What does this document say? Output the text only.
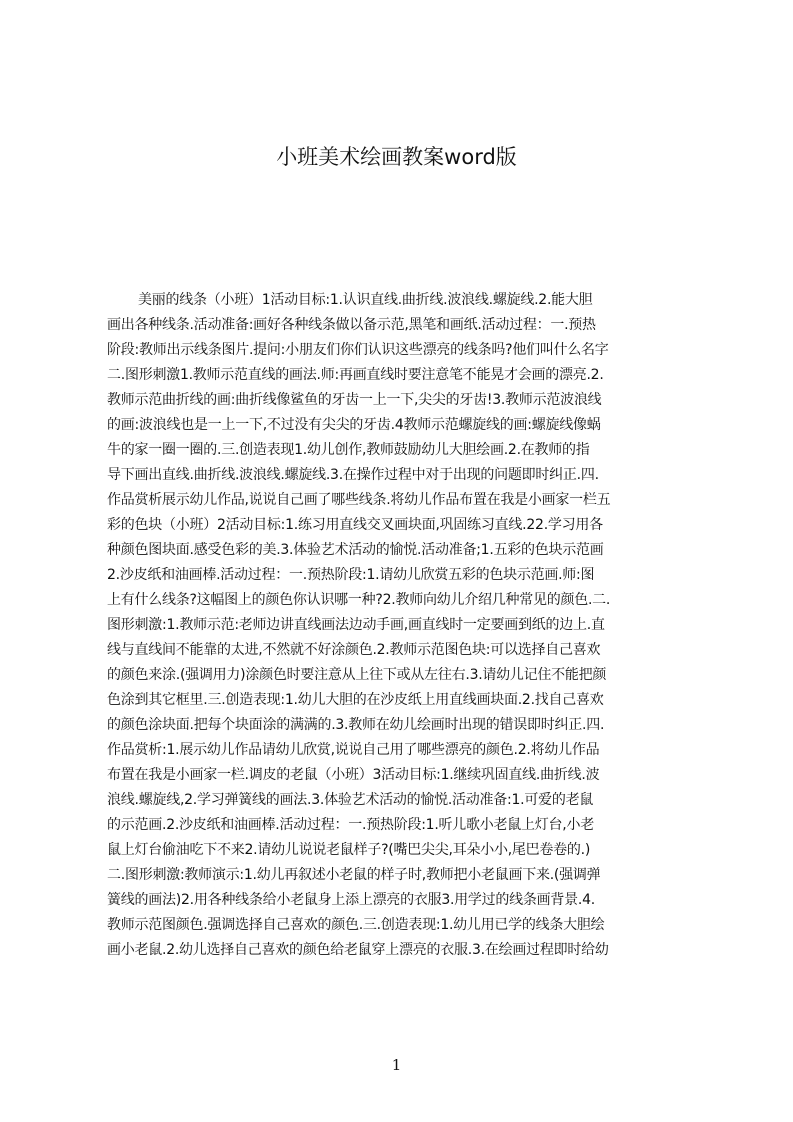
小班美术绘画教案word版
美丽的线条（小班）1活动目标:1.认识直线.曲折线.波浪线.螺旋线.2.能大胆
画出各种线条.活动准备:画好各种线条做以备示范,黑笔和画纸.活动过程：一.预热
阶段:教师出示线条图片.提问:小朋友们你们认识这些漂亮的线条吗?他们叫什么名字
二.图形刺激1.教师示范直线的画法.师:再画直线时要注意笔不能晃才会画的漂亮.2.
教师示范曲折线的画:曲折线像鲨鱼的牙齿一上一下,尖尖的牙齿!3.教师示范波浪线
的画:波浪线也是一上一下,不过没有尖尖的牙齿.4教师示范螺旋线的画:螺旋线像蜗
牛的家一圈一圈的.三.创造表现1.幼儿创作,教师鼓励幼儿大胆绘画.2.在教师的指
导下画出直线.曲折线.波浪线.螺旋线.3.在操作过程中对于出现的问题即时纠正.四.
作品赏析展示幼儿作品,说说自己画了哪些线条.将幼儿作品布置在我是小画家一栏五
彩的色块（小班）2活动目标:1.练习用直线交叉画块面,巩固练习直线.22.学习用各
种颜色图块面.感受色彩的美.3.体验艺术活动的愉悦.活动准备;1.五彩的色块示范画
2.沙皮纸和油画棒.活动过程：一.预热阶段:1.请幼儿欣赏五彩的色块示范画.师:图
上有什么线条?这幅图上的颜色你认识哪一种?2.教师向幼儿介绍几种常见的颜色.二.
图形刺激:1.教师示范:老师边讲直线画法边动手画,画直线时一定要画到纸的边上.直
线与直线间不能靠的太进,不然就不好涂颜色.2.教师示范图色块:可以选择自己喜欢
的颜色来涂.(强调用力)涂颜色时要注意从上往下或从左往右.3.请幼儿记住不能把颜
色涂到其它框里.三.创造表现:1.幼儿大胆的在沙皮纸上用直线画块面.2.找自己喜欢
的颜色涂块面.把每个块面涂的满满的.3.教师在幼儿绘画时出现的错误即时纠正.四.
作品赏析:1.展示幼儿作品请幼儿欣赏,说说自己用了哪些漂亮的颜色.2.将幼儿作品
布置在我是小画家一栏.调皮的老鼠（小班）3活动目标:1.继续巩固直线.曲折线.波
浪线.螺旋线,2.学习弹簧线的画法.3.体验艺术活动的愉悦.活动准备:1.可爱的老鼠
的示范画.2.沙皮纸和油画棒.活动过程：一.预热阶段:1.听儿歌小老鼠上灯台,小老
鼠上灯台偷油吃下不来2.请幼儿说说老鼠样子?(嘴巴尖尖,耳朵小小,尾巴卷卷的.)
二.图形刺激:教师演示:1.幼儿再叙述小老鼠的样子时,教师把小老鼠画下来.(强调弹
簧线的画法)2.用各种线条给小老鼠身上添上漂亮的衣服3.用学过的线条画背景.4.
教师示范图颜色.强调选择自己喜欢的颜色.三.创造表现:1.幼儿用已学的线条大胆绘
画小老鼠.2.幼儿选择自己喜欢的颜色给老鼠穿上漂亮的衣服.3.在绘画过程即时给幼
1
